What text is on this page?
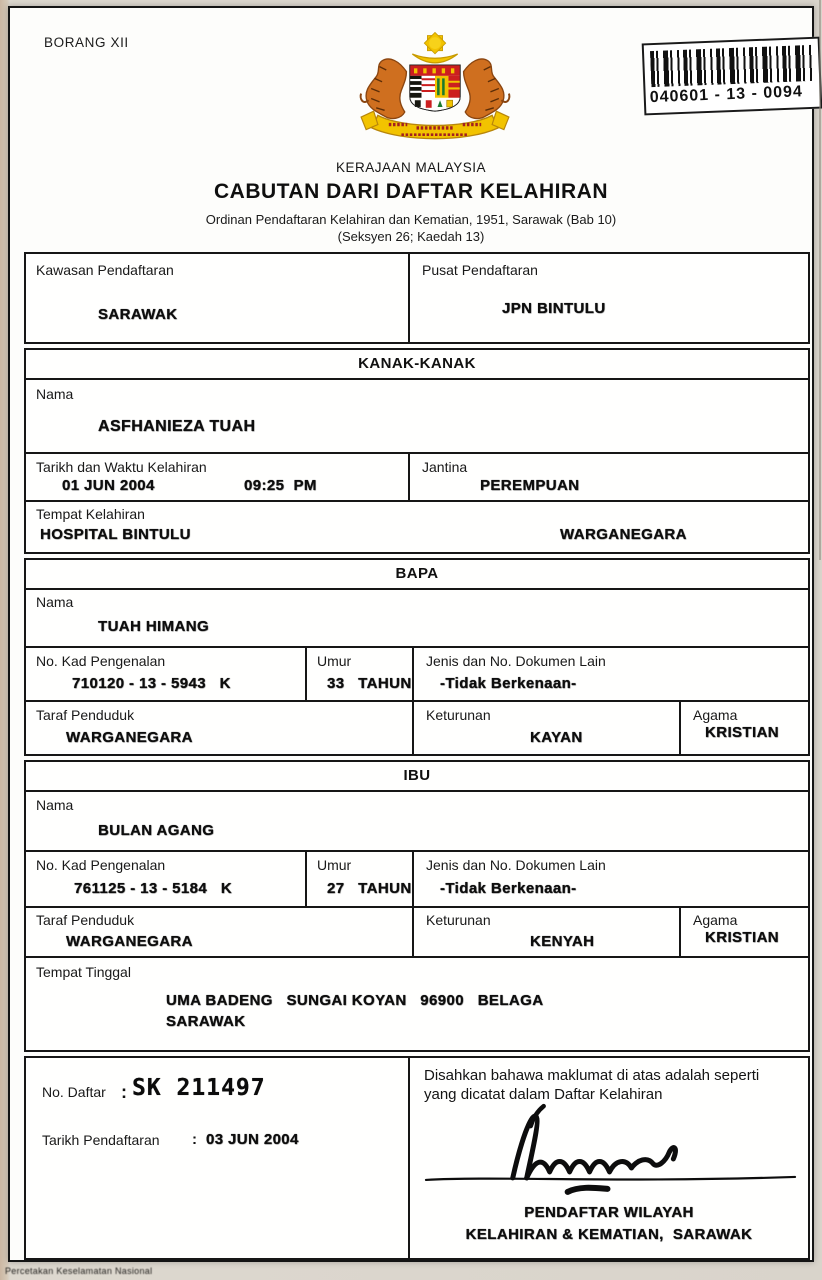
BORANG XII
040601 - 13 - 0094
KERAJAAN MALAYSIA
CABUTAN DARI DAFTAR KELAHIRAN
Ordinan Pendaftaran Kelahiran dan Kematian, 1951, Sarawak (Bab 10)
(Seksyen 26; Kaedah 13)
Kawasan Pendaftaran
SARAWAK
Pusat Pendaftaran
JPN BINTULU
KANAK-KANAK
Nama
ASFHANIEZA TUAH
Tarikh dan Waktu Kelahiran
01 JUN 2004	09:25  PM
Jantina
PEREMPUAN
Tempat Kelahiran
HOSPITAL BINTULU	WARGANEGARA
BAPA
Nama
TUAH HIMANG
No. Kad Pengenalan
710120 - 13 - 5943   K
Umur
33   TAHUN
Jenis dan No. Dokumen Lain
-Tidak Berkenaan-
Taraf Penduduk
WARGANEGARA
Keturunan
KAYAN
Agama
KRISTIAN
IBU
Nama
BULAN AGANG
No. Kad Pengenalan
761125 - 13 - 5184   K
Umur
27   TAHUN
Jenis dan No. Dokumen Lain
-Tidak Berkenaan-
Taraf Penduduk
WARGANEGARA
Keturunan
KENYAH
Agama
KRISTIAN
Tempat Tinggal
UMA BADENG   SUNGAI KOYAN   96900   BELAGA
SARAWAK
No. Daftar : SK 211497
Tarikh Pendaftaran : 03 JUN 2004
Disahkan bahawa maklumat di atas adalah seperti
yang dicatat dalam Daftar Kelahiran
PENDAFTAR WILAYAH
KELAHIRAN & KEMATIAN,  SARAWAK
Percetakan Keselamatan Nasional
